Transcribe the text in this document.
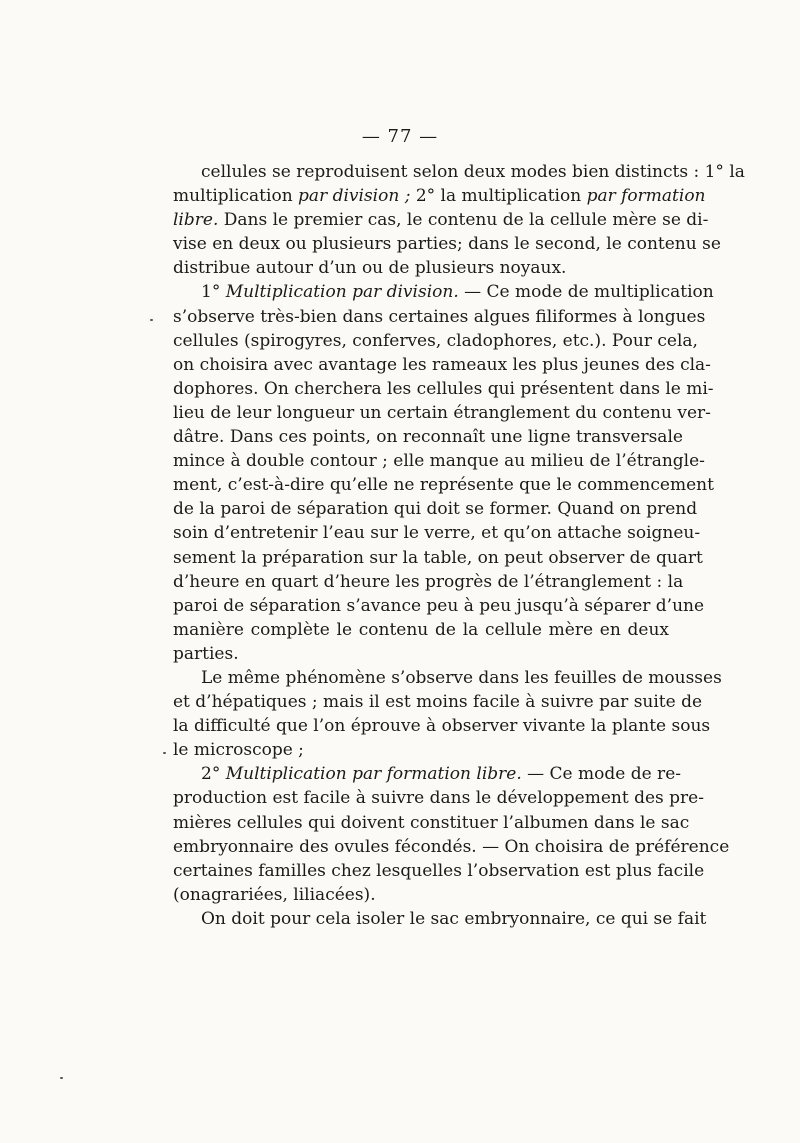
— 77 —
cellules se reproduisent selon deux modes bien distincts : 1° la
multiplication par division ; 2° la multiplication par formation
libre. Dans le premier cas, le contenu de la cellule mère se di-
vise en deux ou plusieurs parties; dans le second, le contenu se
distribue autour d’un ou de plusieurs noyaux.
1° Multiplication par division. — Ce mode de multiplication
s’observe très-bien dans certaines algues filiformes à longues
cellules (spirogyres, conferves, cladophores, etc.). Pour cela,
on choisira avec avantage les rameaux les plus jeunes des cla-
dophores. On cherchera les cellules qui présentent dans le mi-
lieu de leur longueur un certain étranglement du contenu ver-
dâtre. Dans ces points, on reconnaît une ligne transversale
mince à double contour ; elle manque au milieu de l’étrangle-
ment, c’est-à-dire qu’elle ne représente que le commencement
de la paroi de séparation qui doit se former. Quand on prend
soin d’entretenir l’eau sur le verre, et qu’on attache soigneu-
sement la préparation sur la table, on peut observer de quart
d’heure en quart d’heure les progrès de l’étranglement : la
paroi de séparation s’avance peu à peu jusqu’à séparer d’une
manière complète le contenu de la cellule mère en deux
parties.
Le même phénomène s’observe dans les feuilles de mousses
et d’hépatiques ; mais il est moins facile à suivre par suite de
la difficulté que l’on éprouve à observer vivante la plante sous
le microscope ;
2° Multiplication par formation libre. — Ce mode de re-
production est facile à suivre dans le développement des pre-
mières cellules qui doivent constituer l’albumen dans le sac
embryonnaire des ovules fécondés. — On choisira de préférence
certaines familles chez lesquelles l’observation est plus facile
(onagrariées, liliacées).
On doit pour cela isoler le sac embryonnaire, ce qui se fait
